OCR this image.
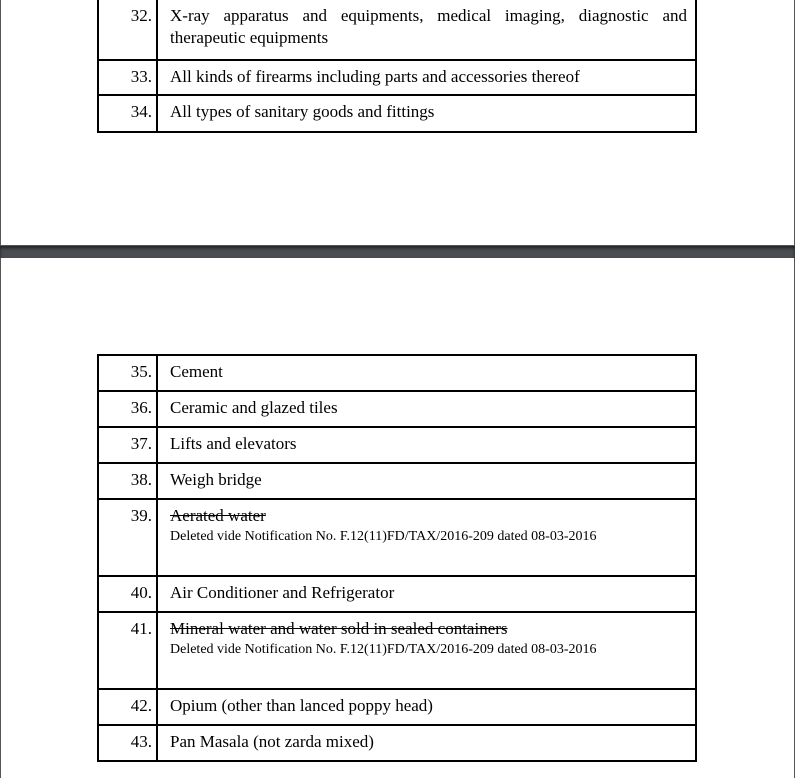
32.	X-ray apparatus and equipments, medical imaging, diagnostic and therapeutic equipments
33.	All kinds of firearms including parts and accessories thereof
34.	All types of sanitary goods and fittings
35.	Cement
36.	Ceramic and glazed tiles
37.	Lifts and elevators
38.	Weigh bridge
39.	Aerated water
Deleted vide Notification No. F.12(11)FD/TAX/2016-209 dated 08-03-2016

40.	Air Conditioner and Refrigerator
41.	Mineral water and water sold in sealed containers
Deleted vide Notification No. F.12(11)FD/TAX/2016-209 dated 08-03-2016

42.	Opium (other than lanced poppy head)
43.	Pan Masala (not zarda mixed)
